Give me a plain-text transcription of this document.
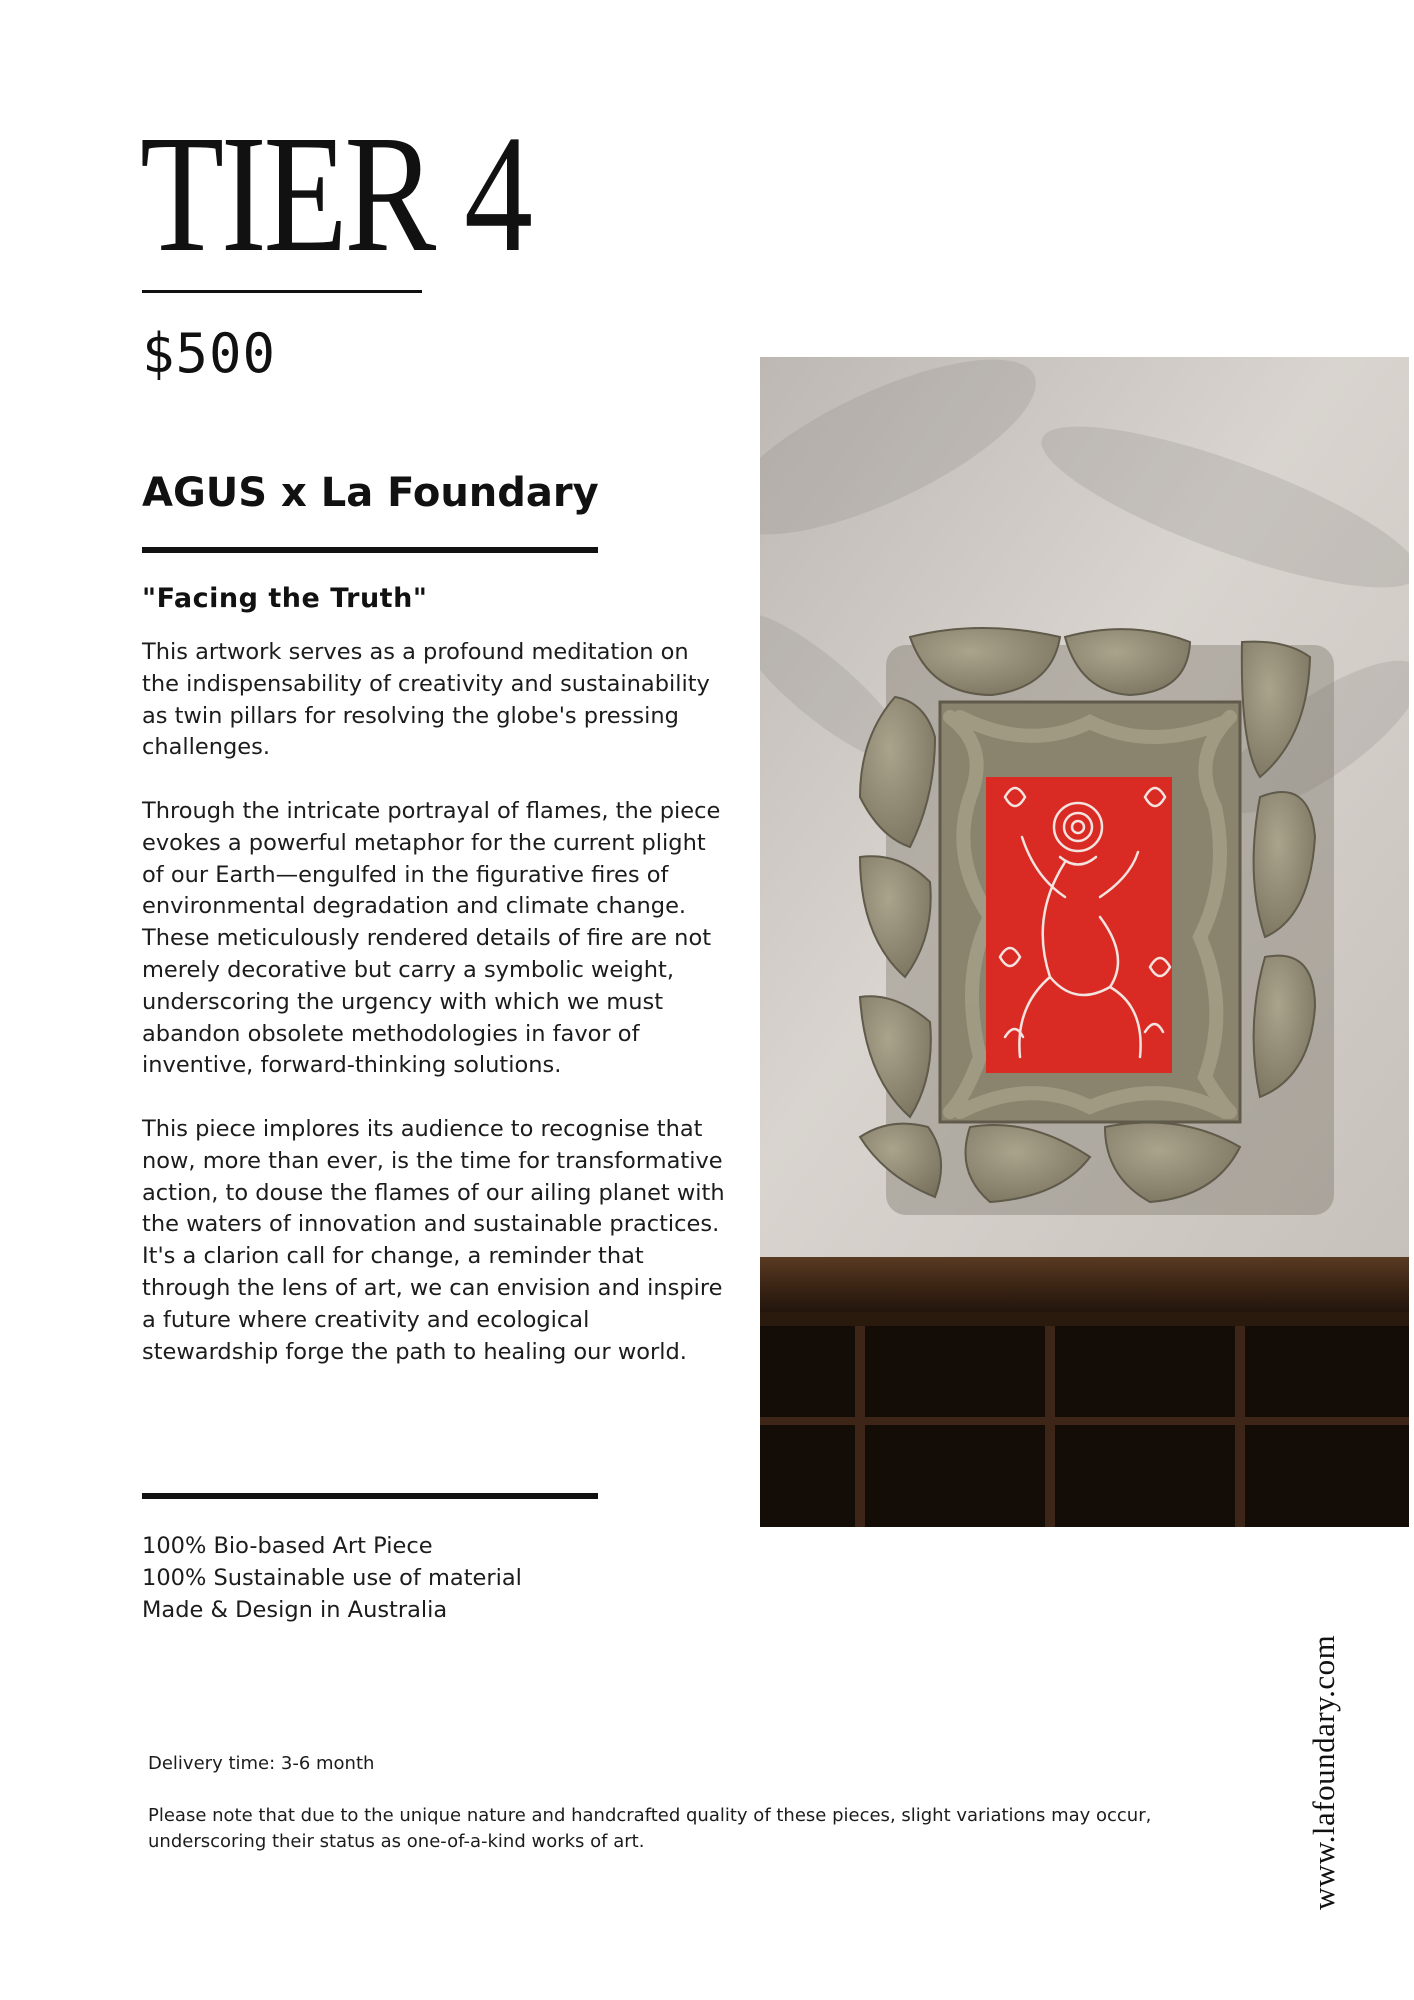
TIER 4
$500
AGUS x La Foundary
"Facing the Truth"

This artwork serves as a profound meditation on the indispensability of creativity and sustainability as twin pillars for resolving the globe's pressing challenges.

Through the intricate portrayal of flames, the piece evokes a powerful metaphor for the current plight of our Earth—engulfed in the figurative fires of environmental degradation and climate change. These meticulously rendered details of fire are not merely decorative but carry a symbolic weight, underscoring the urgency with which we must abandon obsolete methodologies in favor of inventive, forward-thinking solutions.

This piece implores its audience to recognise that now, more than ever, is the time for transformative action, to douse the flames of our ailing planet with the waters of innovation and sustainable practices. It's a clarion call for change, a reminder that through the lens of art, we can envision and inspire a future where creativity and ecological stewardship forge the path to healing our world.

100% Bio-based Art Piece
100% Sustainable use of material
Made & Design in Australia
Delivery time: 3-6 month
Please note that due to the unique nature and handcrafted quality of these pieces, slight variations may occur, underscoring their status as one-of-a-kind works of art.	www.lafoundary.com
